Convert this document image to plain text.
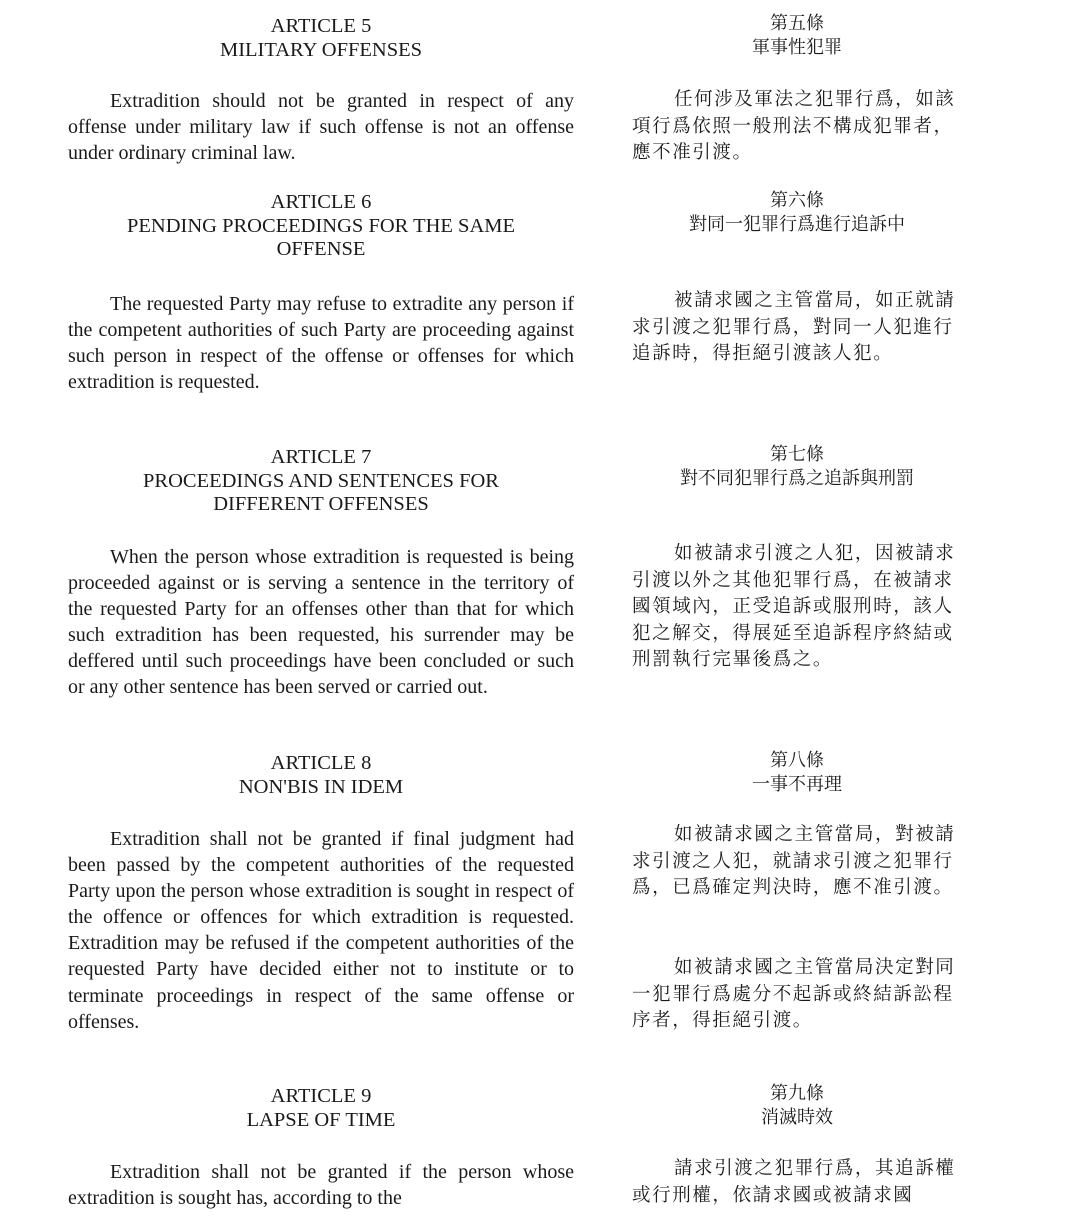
ARTICLE 5
MILITARY OFFENSES
Extradition should not be granted in respect of any offense under military law if such offense is not an offense under ordinary criminal law.
ARTICLE 6
PENDING PROCEEDINGS FOR THE SAME
OFFENSE
The requested Party may refuse to extradite any person if the competent authorities of such Party are proceeding against such person in respect of the offense or offenses for which extradition is requested.
ARTICLE 7
PROCEEDINGS AND SENTENCES FOR
DIFFERENT OFFENSES
When the person whose extradition is requested is being proceeded against or is serving a sentence in the territory of the requested Party for an offenses other than that for which such extradition has been requested, his surrender may be deffered until such proceedings have been concluded or such or any other sentence has been served or carried out.
ARTICLE 8
NON'BIS IN IDEM
Extradition shall not be granted if final judgment had been passed by the competent authorities of the requested Party upon the person whose extradition is sought in respect of the offence or offences for which extradition is requested. Extradition may be refused if the competent authorities of the requested Party have decided either not to institute or to terminate proceedings in respect of the same offense or offenses.
ARTICLE 9
LAPSE OF TIME
Extradition shall not be granted if the person whose extradition is sought has, according to the
第五條
軍事性犯罪
任何涉及軍法之犯罪行爲，如該項行爲依照一般刑法不構成犯罪者，應不准引渡。
第六條
對同一犯罪行爲進行追訴中
被請求國之主管當局，如正就請求引渡之犯罪行爲，對同一人犯進行追訴時，得拒絕引渡該人犯。
第七條
對不同犯罪行爲之追訴與刑罰
如被請求引渡之人犯，因被請求引渡以外之其他犯罪行爲，在被請求國領域內，正受追訴或服刑時，該人犯之解交，得展延至追訴程序終結或刑罰執行完畢後爲之。
第八條
一事不再理
如被請求國之主管當局，對被請求引渡之人犯，就請求引渡之犯罪行爲，已爲確定判決時，應不准引渡。
如被請求國之主管當局決定對同一犯罪行爲處分不起訴或終結訴訟程序者，得拒絕引渡。
第九條
消滅時效
請求引渡之犯罪行爲，其追訴權或行刑權，依請求國或被請求國
